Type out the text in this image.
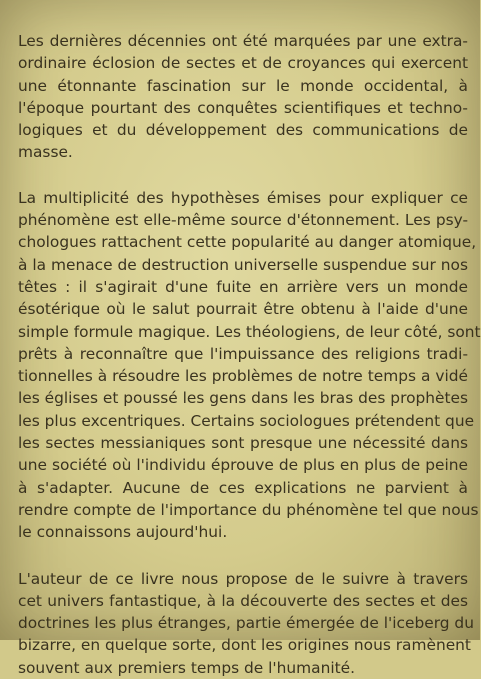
Les dernières décennies ont été marquées par une extra-
ordinaire éclosion de sectes et de croyances qui exercent
une étonnante fascination sur le monde occidental, à
l'époque pourtant des conquêtes scientifiques et techno-
logiques et du développement des communications de
masse.

La multiplicité des hypothèses émises pour expliquer ce
phénomène est elle-même source d'étonnement. Les psy-
chologues rattachent cette popularité au danger atomique,
à la menace de destruction universelle suspendue sur nos
têtes : il s'agirait d'une fuite en arrière vers un monde
ésotérique où le salut pourrait être obtenu à l'aide d'une
simple formule magique. Les théologiens, de leur côté, sont
prêts à reconnaître que l'impuissance des religions tradi-
tionnelles à résoudre les problèmes de notre temps a vidé
les églises et poussé les gens dans les bras des prophètes
les plus excentriques. Certains sociologues prétendent que
les sectes messianiques sont presque une nécessité dans
une société où l'individu éprouve de plus en plus de peine
à s'adapter. Aucune de ces explications ne parvient à
rendre compte de l'importance du phénomène tel que nous
le connaissons aujourd'hui.

L'auteur de ce livre nous propose de le suivre à travers
cet univers fantastique, à la découverte des sectes et des
doctrines les plus étranges, partie émergée de l'iceberg du
bizarre, en quelque sorte, dont les origines nous ramènent
souvent aux premiers temps de l'humanité.
